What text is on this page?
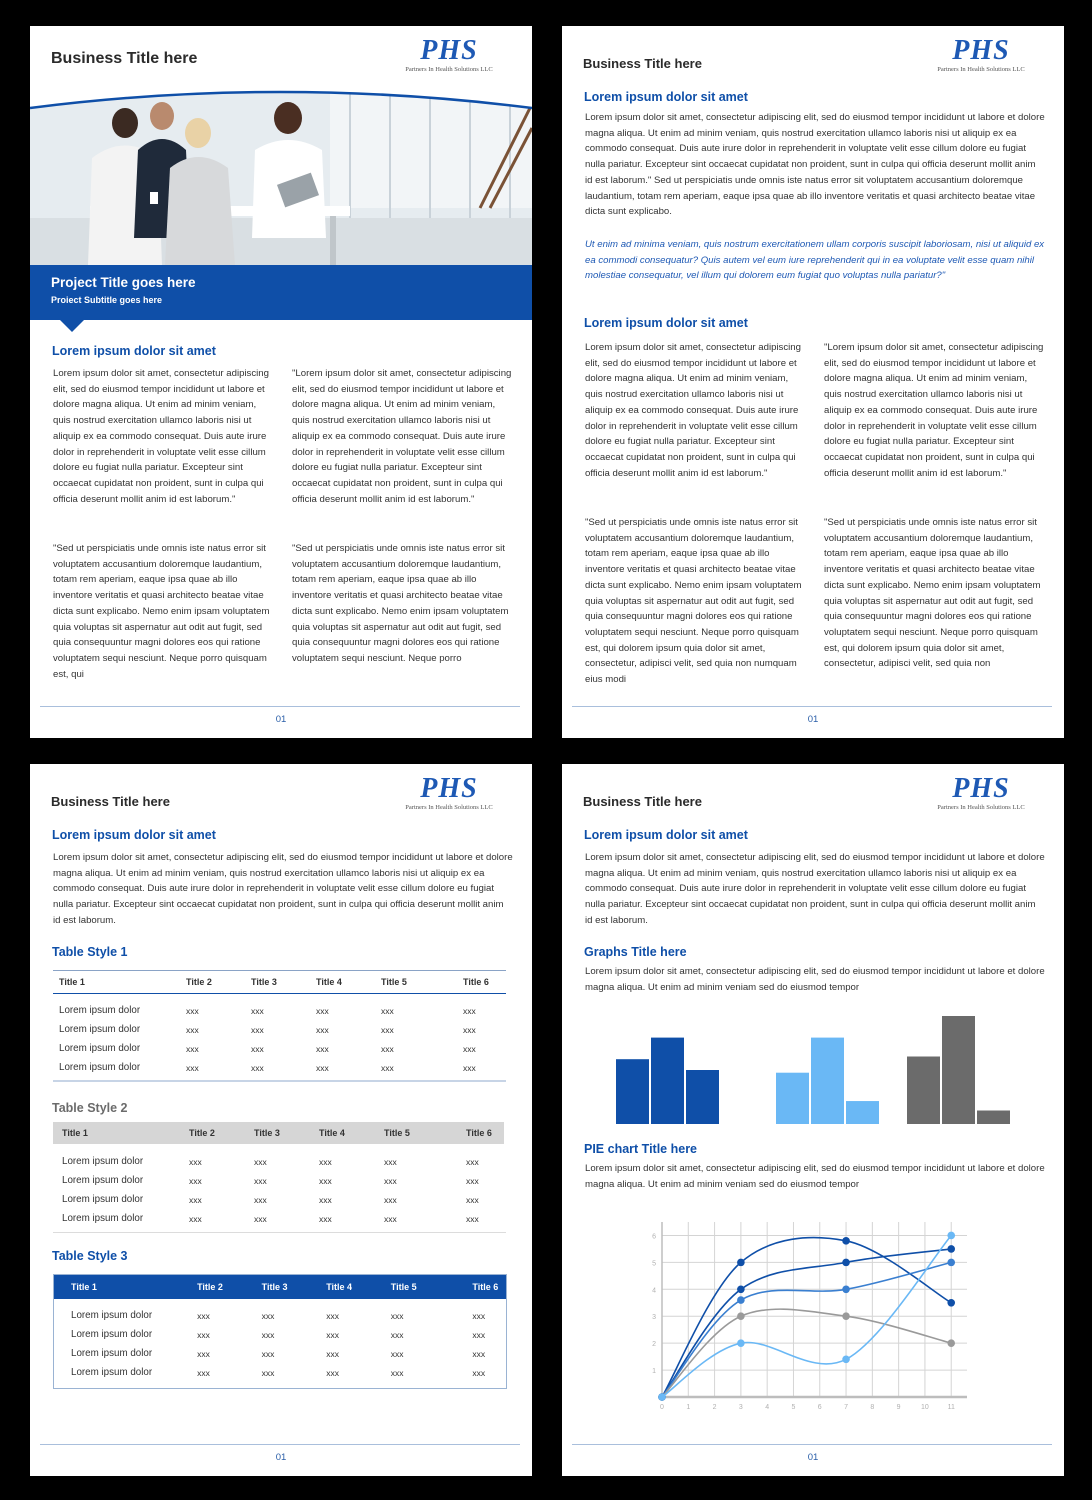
Business Title here	PHS
Partners In Health Solutions LLC
Project Title goes here
Proiect Subtitle goes here
Lorem ipsum dolor sit amet

Lorem ipsum dolor sit amet, consectetur adipiscing elit, sed do eiusmod tempor incididunt ut labore et dolore magna aliqua. Ut enim ad minim veniam, quis nostrud exercitation ullamco laboris nisi ut aliquip ex ea commodo consequat. Duis aute irure dolor in reprehenderit in voluptate velit esse cillum dolore eu fugiat nulla pariatur. Excepteur sint occaecat cupidatat non proident, sunt in culpa qui officia deserunt mollit anim id est laborum."

"Sed ut perspiciatis unde omnis iste natus error sit voluptatem accusantium doloremque laudantium, totam rem aperiam, eaque ipsa quae ab illo inventore veritatis et quasi architecto beatae vitae dicta sunt explicabo. Nemo enim ipsam voluptatem quia voluptas sit aspernatur aut odit aut fugit, sed quia consequuntur magni dolores eos qui ratione voluptatem sequi nesciunt. Neque porro quisquam est, qui

"Lorem ipsum dolor sit amet, consectetur adipiscing elit, sed do eiusmod tempor incididunt ut labore et dolore magna aliqua. Ut enim ad minim veniam, quis nostrud exercitation ullamco laboris nisi ut aliquip ex ea commodo consequat. Duis aute irure dolor in reprehenderit in voluptate velit esse cillum dolore eu fugiat nulla pariatur. Excepteur sint occaecat cupidatat non proident, sunt in culpa qui officia deserunt mollit anim id est laborum."

"Sed ut perspiciatis unde omnis iste natus error sit voluptatem accusantium doloremque laudantium, totam rem aperiam, eaque ipsa quae ab illo inventore veritatis et quasi architecto beatae vitae dicta sunt explicabo. Nemo enim ipsam voluptatem quia voluptas sit aspernatur aut odit aut fugit, sed quia consequuntur magni dolores eos qui ratione voluptatem sequi nesciunt. Neque porro

01
Business Title here	PHS
Partners In Health Solutions LLC
Lorem ipsum dolor sit amet

Lorem ipsum dolor sit amet, consectetur adipiscing elit, sed do eiusmod tempor incididunt ut labore et dolore magna aliqua. Ut enim ad minim veniam, quis nostrud exercitation ullamco laboris nisi ut aliquip ex ea commodo consequat. Duis aute irure dolor in reprehenderit in voluptate velit esse cillum dolore eu fugiat nulla pariatur. Excepteur sint occaecat cupidatat non proident, sunt in culpa qui officia deserunt mollit anim id est laborum." Sed ut perspiciatis unde omnis iste natus error sit voluptatem accusantium doloremque laudantium, totam rem aperiam, eaque ipsa quae ab illo inventore veritatis et quasi architecto beatae vitae dicta sunt explicabo.

Ut enim ad minima veniam, quis nostrum exercitationem ullam corporis suscipit laboriosam, nisi ut aliquid ex ea commodi consequatur? Quis autem vel eum iure reprehenderit qui in ea voluptate velit esse quam nihil molestiae consequatur, vel illum qui dolorem eum fugiat quo voluptas nulla pariatur?"

Lorem ipsum dolor sit amet

Lorem ipsum dolor sit amet, consectetur adipiscing elit, sed do eiusmod tempor incididunt ut labore et dolore magna aliqua. Ut enim ad minim veniam, quis nostrud exercitation ullamco laboris nisi ut aliquip ex ea commodo consequat. Duis aute irure dolor in reprehenderit in voluptate velit esse cillum dolore eu fugiat nulla pariatur. Excepteur sint occaecat cupidatat non proident, sunt in culpa qui officia deserunt mollit anim id est laborum."

"Sed ut perspiciatis unde omnis iste natus error sit voluptatem accusantium doloremque laudantium, totam rem aperiam, eaque ipsa quae ab illo inventore veritatis et quasi architecto beatae vitae dicta sunt explicabo. Nemo enim ipsam voluptatem quia voluptas sit aspernatur aut odit aut fugit, sed quia consequuntur magni dolores eos qui ratione voluptatem sequi nesciunt. Neque porro quisquam est, qui dolorem ipsum quia dolor sit amet, consectetur, adipisci velit, sed quia non numquam eius modi

"Lorem ipsum dolor sit amet, consectetur adipiscing elit, sed do eiusmod tempor incididunt ut labore et dolore magna aliqua. Ut enim ad minim veniam, quis nostrud exercitation ullamco laboris nisi ut aliquip ex ea commodo consequat. Duis aute irure dolor in reprehenderit in voluptate velit esse cillum dolore eu fugiat nulla pariatur. Excepteur sint occaecat cupidatat non proident, sunt in culpa qui officia deserunt mollit anim id est laborum."

"Sed ut perspiciatis unde omnis iste natus error sit voluptatem accusantium doloremque laudantium, totam rem aperiam, eaque ipsa quae ab illo inventore veritatis et quasi architecto beatae vitae dicta sunt explicabo. Nemo enim ipsam voluptatem quia voluptas sit aspernatur aut odit aut fugit, sed quia consequuntur magni dolores eos qui ratione voluptatem sequi nesciunt. Neque porro quisquam est, qui dolorem ipsum quia dolor sit amet, consectetur, adipisci velit, sed quia non

01
Business Title here	PHS
Partners In Health Solutions LLC
Lorem ipsum dolor sit amet

Lorem ipsum dolor sit amet, consectetur adipiscing elit, sed do eiusmod tempor incididunt ut labore et dolore magna aliqua. Ut enim ad minim veniam, quis nostrud exercitation ullamco laboris nisi ut aliquip ex ea commodo consequat. Duis aute irure dolor in reprehenderit in voluptate velit esse cillum dolore eu fugiat nulla pariatur. Excepteur sint occaecat cupidatat non proident, sunt in culpa qui officia deserunt mollit anim id est laborum.

Table Style 1
Title 1	Title 2	Title 3	Title 4	Title 5	Title 6

Lorem ipsum dolor	xxx	xxx	xxx	xxx	xxx
Lorem ipsum dolor	xxx	xxx	xxx	xxx	xxx
Lorem ipsum dolor	xxx	xxx	xxx	xxx	xxx
Lorem ipsum dolor	xxx	xxx	xxx	xxx	xxx
Table Style 2
Title 1	Title 2	Title 3	Title 4	Title 5	Title 6

Lorem ipsum dolor	xxx	xxx	xxx	xxx	xxx
Lorem ipsum dolor	xxx	xxx	xxx	xxx	xxx
Lorem ipsum dolor	xxx	xxx	xxx	xxx	xxx
Lorem ipsum dolor	xxx	xxx	xxx	xxx	xxx
Table Style 3
Title 1	Title 2	Title 3	Title 4	Title 5	Title 6

Lorem ipsum dolor	xxx	xxx	xxx	xxx	xxx
Lorem ipsum dolor	xxx	xxx	xxx	xxx	xxx
Lorem ipsum dolor	xxx	xxx	xxx	xxx	xxx
Lorem ipsum dolor	xxx	xxx	xxx	xxx	xxx
01
Business Title here	PHS
Partners In Health Solutions LLC
Lorem ipsum dolor sit amet

Lorem ipsum dolor sit amet, consectetur adipiscing elit, sed do eiusmod tempor incididunt ut labore et dolore magna aliqua. Ut enim ad minim veniam, quis nostrud exercitation ullamco laboris nisi ut aliquip ex ea commodo consequat. Duis aute irure dolor in reprehenderit in voluptate velit esse cillum dolore eu fugiat nulla pariatur. Excepteur sint occaecat cupidatat non proident, sunt in culpa qui officia deserunt mollit anim id est laborum.

Graphs Title here

Lorem ipsum dolor sit amet, consectetur adipiscing elit, sed do eiusmod tempor incididunt ut labore et dolore magna aliqua. Ut enim ad minim veniam sed do eiusmod tempor

PIE chart Title here

Lorem ipsum dolor sit amet, consectetur adipiscing elit, sed do eiusmod tempor incididunt ut labore et dolore magna aliqua. Ut enim ad minim veniam sed do eiusmod tempor

0	1	2	3	4	5	6	7	8	9	10	11
1
2
3
4
5
6
01
